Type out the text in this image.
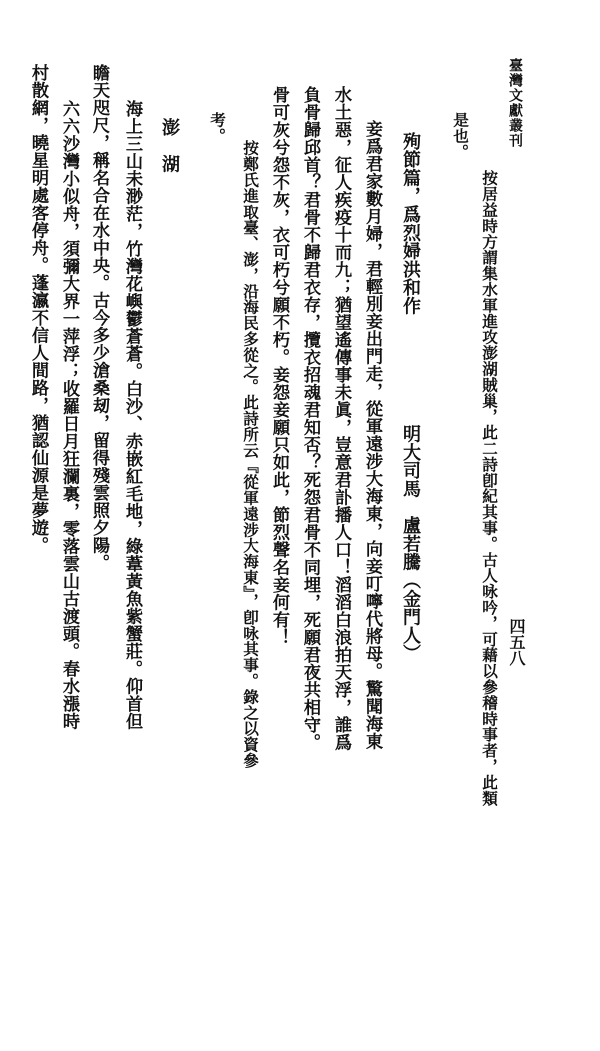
臺灣文獻叢刊
四五八
按居益時方謂集水軍進攻澎湖賊巢，此二詩卽紀其事。古人咏吟，可藉以參稽時事者，此類
是也。
殉節篇，爲烈婦洪和作　　　　　　明大司馬　盧若騰（金門人）
妾爲君家數月婦，君輕別妾出門走，從軍遠涉大海東，向妾叮嚀代將母。驚聞海東
水土惡，征人疾疫十而九；猶望遙傳事未眞，豈意君訃播人口！滔滔白浪拍天浮，誰爲
負骨歸邱首？君骨不歸君衣存，攬衣招魂君知否？死怨君骨不同埋，死願君夜共相守。
骨可灰兮怨不灰，衣可朽兮願不朽。妾怨妾願只如此，節烈聲名妾何有！
按鄭氏進取臺、澎，沿海民多從之。此詩所云『從軍遠涉大海東』，卽咏其事。錄之以資參
考。
澎　湖
海上三山未渺茫，竹灣花嶼鬱蒼蒼。白沙、赤嵌紅毛地，綠葦黃魚紫蟹莊。仰首但
瞻天咫尺，稱名合在水中央。古今多少滄桑刼，留得殘雲照夕陽。
六六沙灣小似舟，須彌大界一萍浮；收羅日月狂瀾裏，零落雲山古渡頭。春水漲時
村散網，曉星明處客停舟。蓬瀛不信人間路，猶認仙源是夢遊。
